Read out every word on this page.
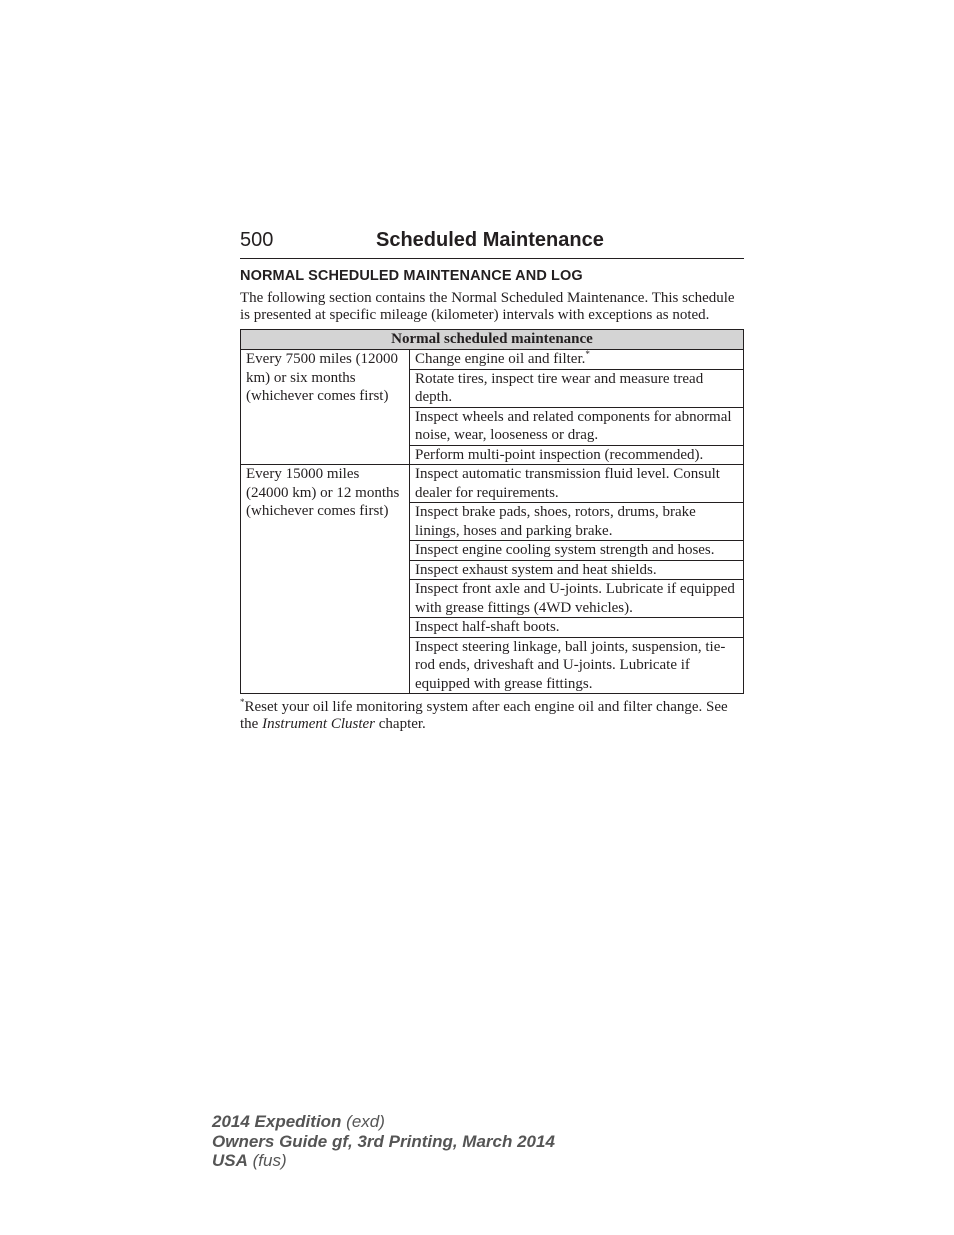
500	Scheduled Maintenance
NORMAL SCHEDULED MAINTENANCE AND LOG

The following section contains the Normal Scheduled Maintenance. This schedule is presented at specific mileage (kilometer) intervals with exceptions as noted.

Normal scheduled maintenance	
Every 7500 miles (12000 km) or six months (whichever comes first)	Change engine oil and filter.*
	Rotate tires, inspect tire wear and measure tread depth.
	Inspect wheels and related components for abnormal noise, wear, looseness or drag.
	Perform multi-point inspection (recommended).
Every 15000 miles (24000 km) or 12 months (whichever comes first)	Inspect automatic transmission fluid level. Consult dealer for requirements.
	Inspect brake pads, shoes, rotors, drums, brake linings, hoses and parking brake.
	Inspect engine cooling system strength and hoses.
	Inspect exhaust system and heat shields.
	Inspect front axle and U-joints. Lubricate if equipped with grease fittings (4WD vehicles).
	Inspect half-shaft boots.
	Inspect steering linkage, ball joints, suspension, tie-rod ends, driveshaft and U-joints. Lubricate if equipped with grease fittings.
*Reset your oil life monitoring system after each engine oil and filter change. See the Instrument Cluster chapter.
2014 Expedition (exd)
Owners Guide gf, 3rd Printing, March 2014
USA (fus)
